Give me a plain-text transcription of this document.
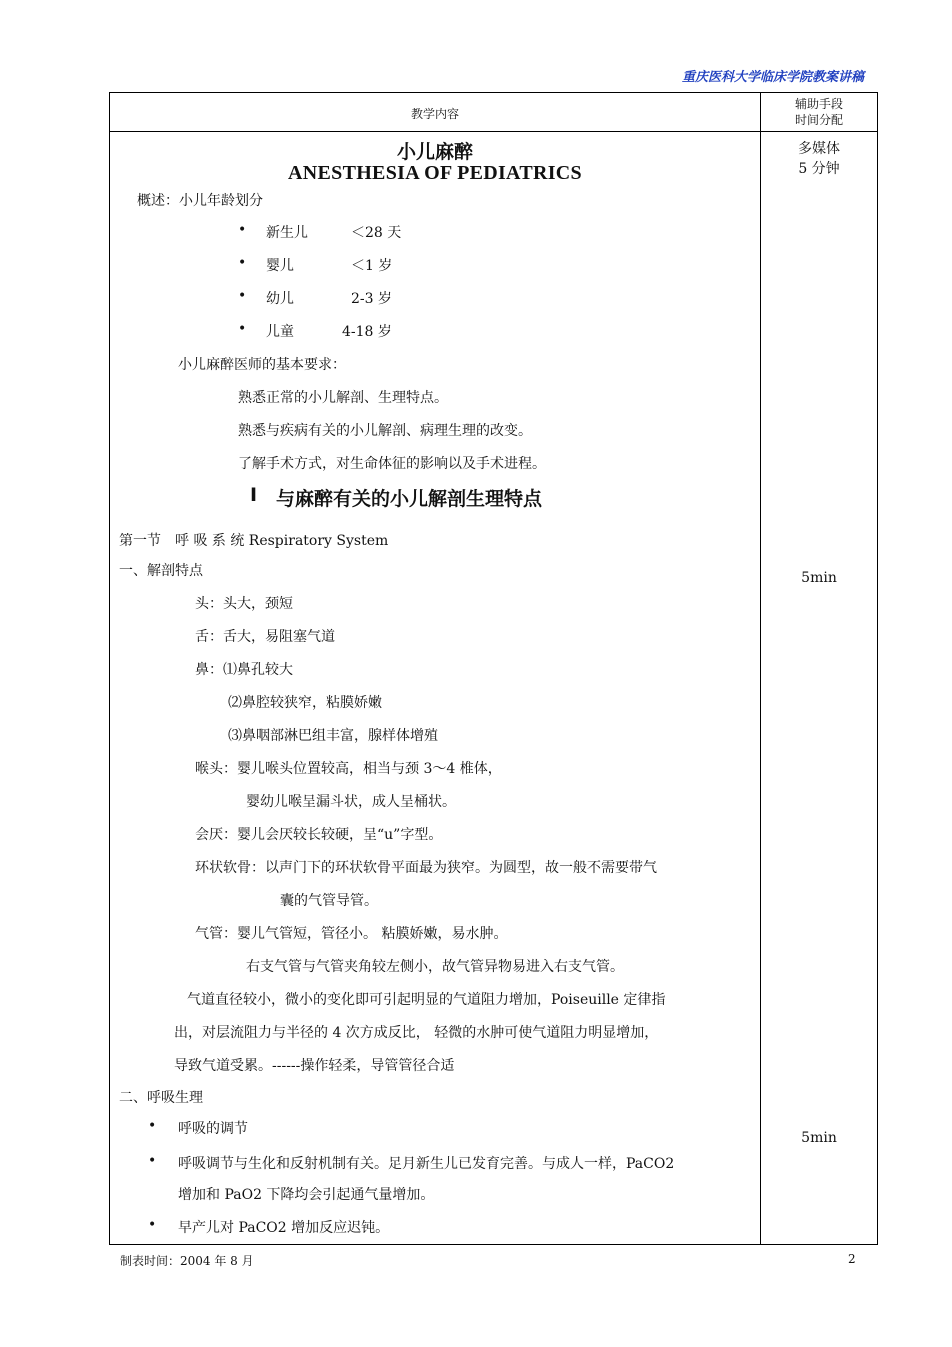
重庆医科大学临床学院教案讲稿
教学内容
辅助手段
时间分配
多媒体
5 分钟
5min
5min
小儿麻醉
ANESTHESIA OF PEDIATRICS
概述：小儿年龄划分
• 新生儿	＜28 天
• 婴儿	＜1 岁
• 幼儿	2-3 岁
• 儿童	4-18 岁
小儿麻醉医师的基本要求：
熟悉正常的小儿解剖、生理特点。
熟悉与疾病有关的小儿解剖、病理生理的改变。
了解手术方式，对生命体征的影响以及手术进程。
Ⅰ 与麻醉有关的小儿解剖生理特点
第一节　呼 吸 系 统 Respiratory System
一、解剖特点
头：头大，颈短
舌：舌大，易阻塞气道
鼻：⑴鼻孔较大
⑵鼻腔较狭窄，粘膜娇嫩
⑶鼻咽部淋巴组丰富，腺样体增殖
喉头：婴儿喉头位置较高，相当与颈 3～4 椎体，
婴幼儿喉呈漏斗状，成人呈桶状。
会厌：婴儿会厌较长较硬，呈“u”字型。
环状软骨：以声门下的环状软骨平面最为狭窄。为圆型，故一般不需要带气
囊的气管导管。
气管：婴儿气管短，管径小。 粘膜娇嫩，易水肿。
右支气管与气管夹角较左侧小，故气管异物易进入右支气管。
气道直径较小，微小的变化即可引起明显的气道阻力增加，Poiseuille 定律指
出，对层流阻力与半径的 4 次方成反比， 轻微的水肿可使气道阻力明显增加，
导致气道受累。------操作轻柔，导管管径合适
二、呼吸生理
• 呼吸的调节
• 呼吸调节与生化和反射机制有关。足月新生儿已发育完善。与成人一样，PaCO2
增加和 PaO2 下降均会引起通气量增加。
• 早产儿对 PaCO2 增加反应迟钝。
制表时间：2004 年 8 月	2
